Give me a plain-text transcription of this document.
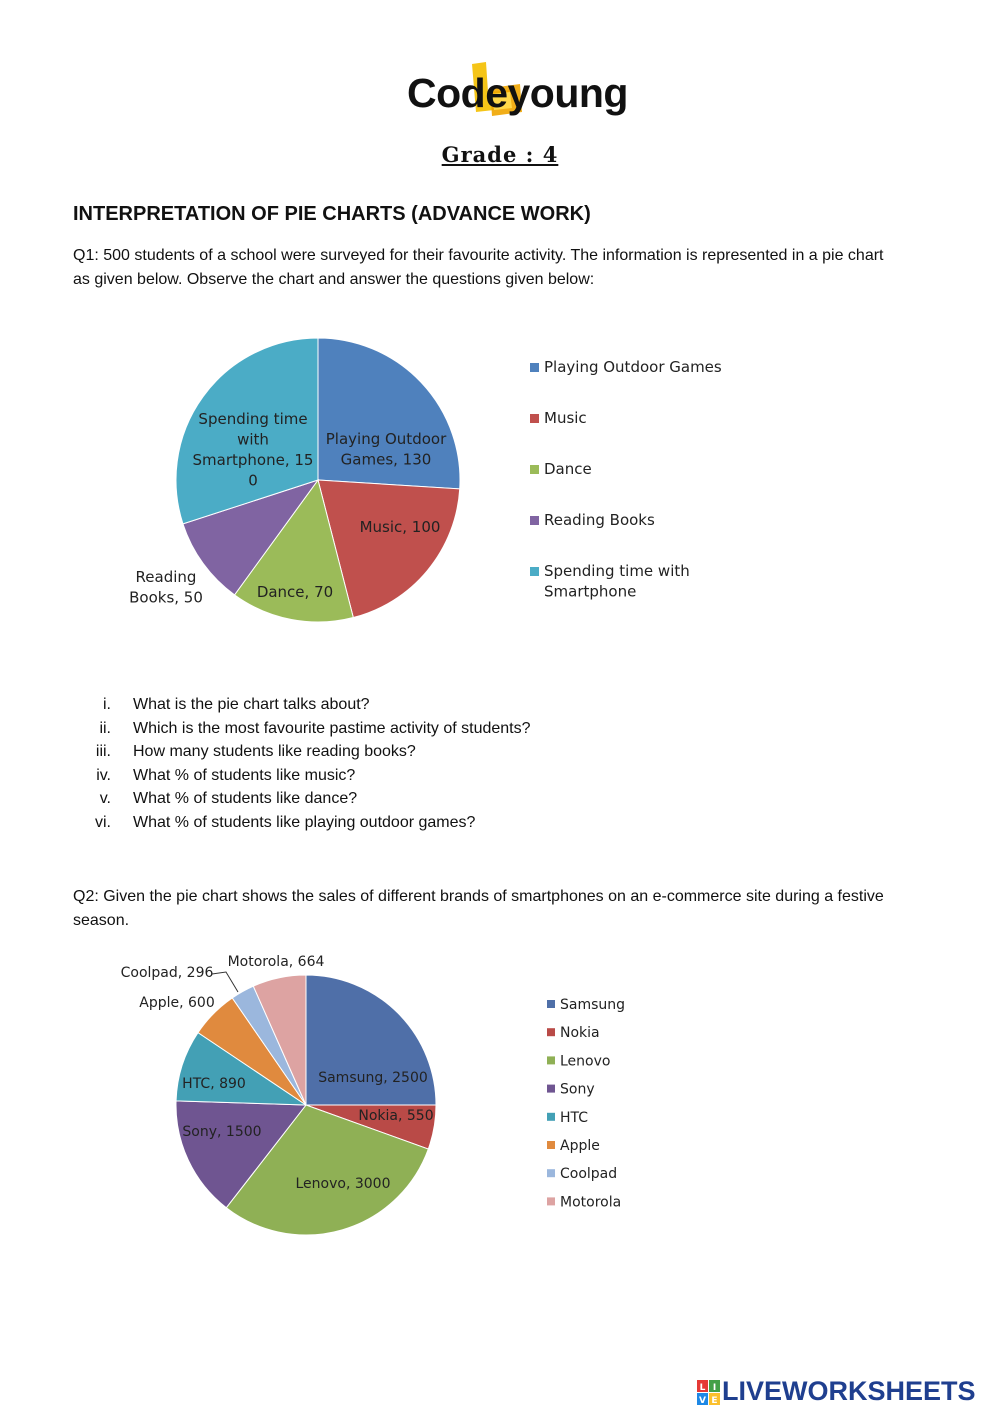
Codeyoung
Grade : 4
INTERPRETATION OF PIE CHARTS (ADVANCE WORK)
Q1: 500 students of a school were surveyed for their favourite activity. The information is represented in a pie chart as given below. Observe the chart and answer the questions given below:
Playing Outdoor Games, 130
Music, 100
Dance, 70
Reading Books, 50
Spending time with Smartphone, 15 0
Playing Outdoor Games
Music
Dance
Reading Books
Spending time with Smartphone
i. What is the pie chart talks about?
ii. Which is the most favourite pastime activity of students?
iii. How many students like reading books?
iv. What % of students like music?
v. What % of students like dance?
vi. What % of students like playing outdoor games?
Q2: Given the pie chart shows the sales of different brands of smartphones on an e-commerce site during a festive season.
Samsung, 2500
Nokia, 550
Lenovo, 3000
Sony, 1500
HTC, 890
Apple, 600
Coolpad, 296
Motorola, 664
Samsung
Nokia
Lenovo
Sony
HTC
Apple
Coolpad
Motorola
L I
V E LIVEWORKSHEETS
